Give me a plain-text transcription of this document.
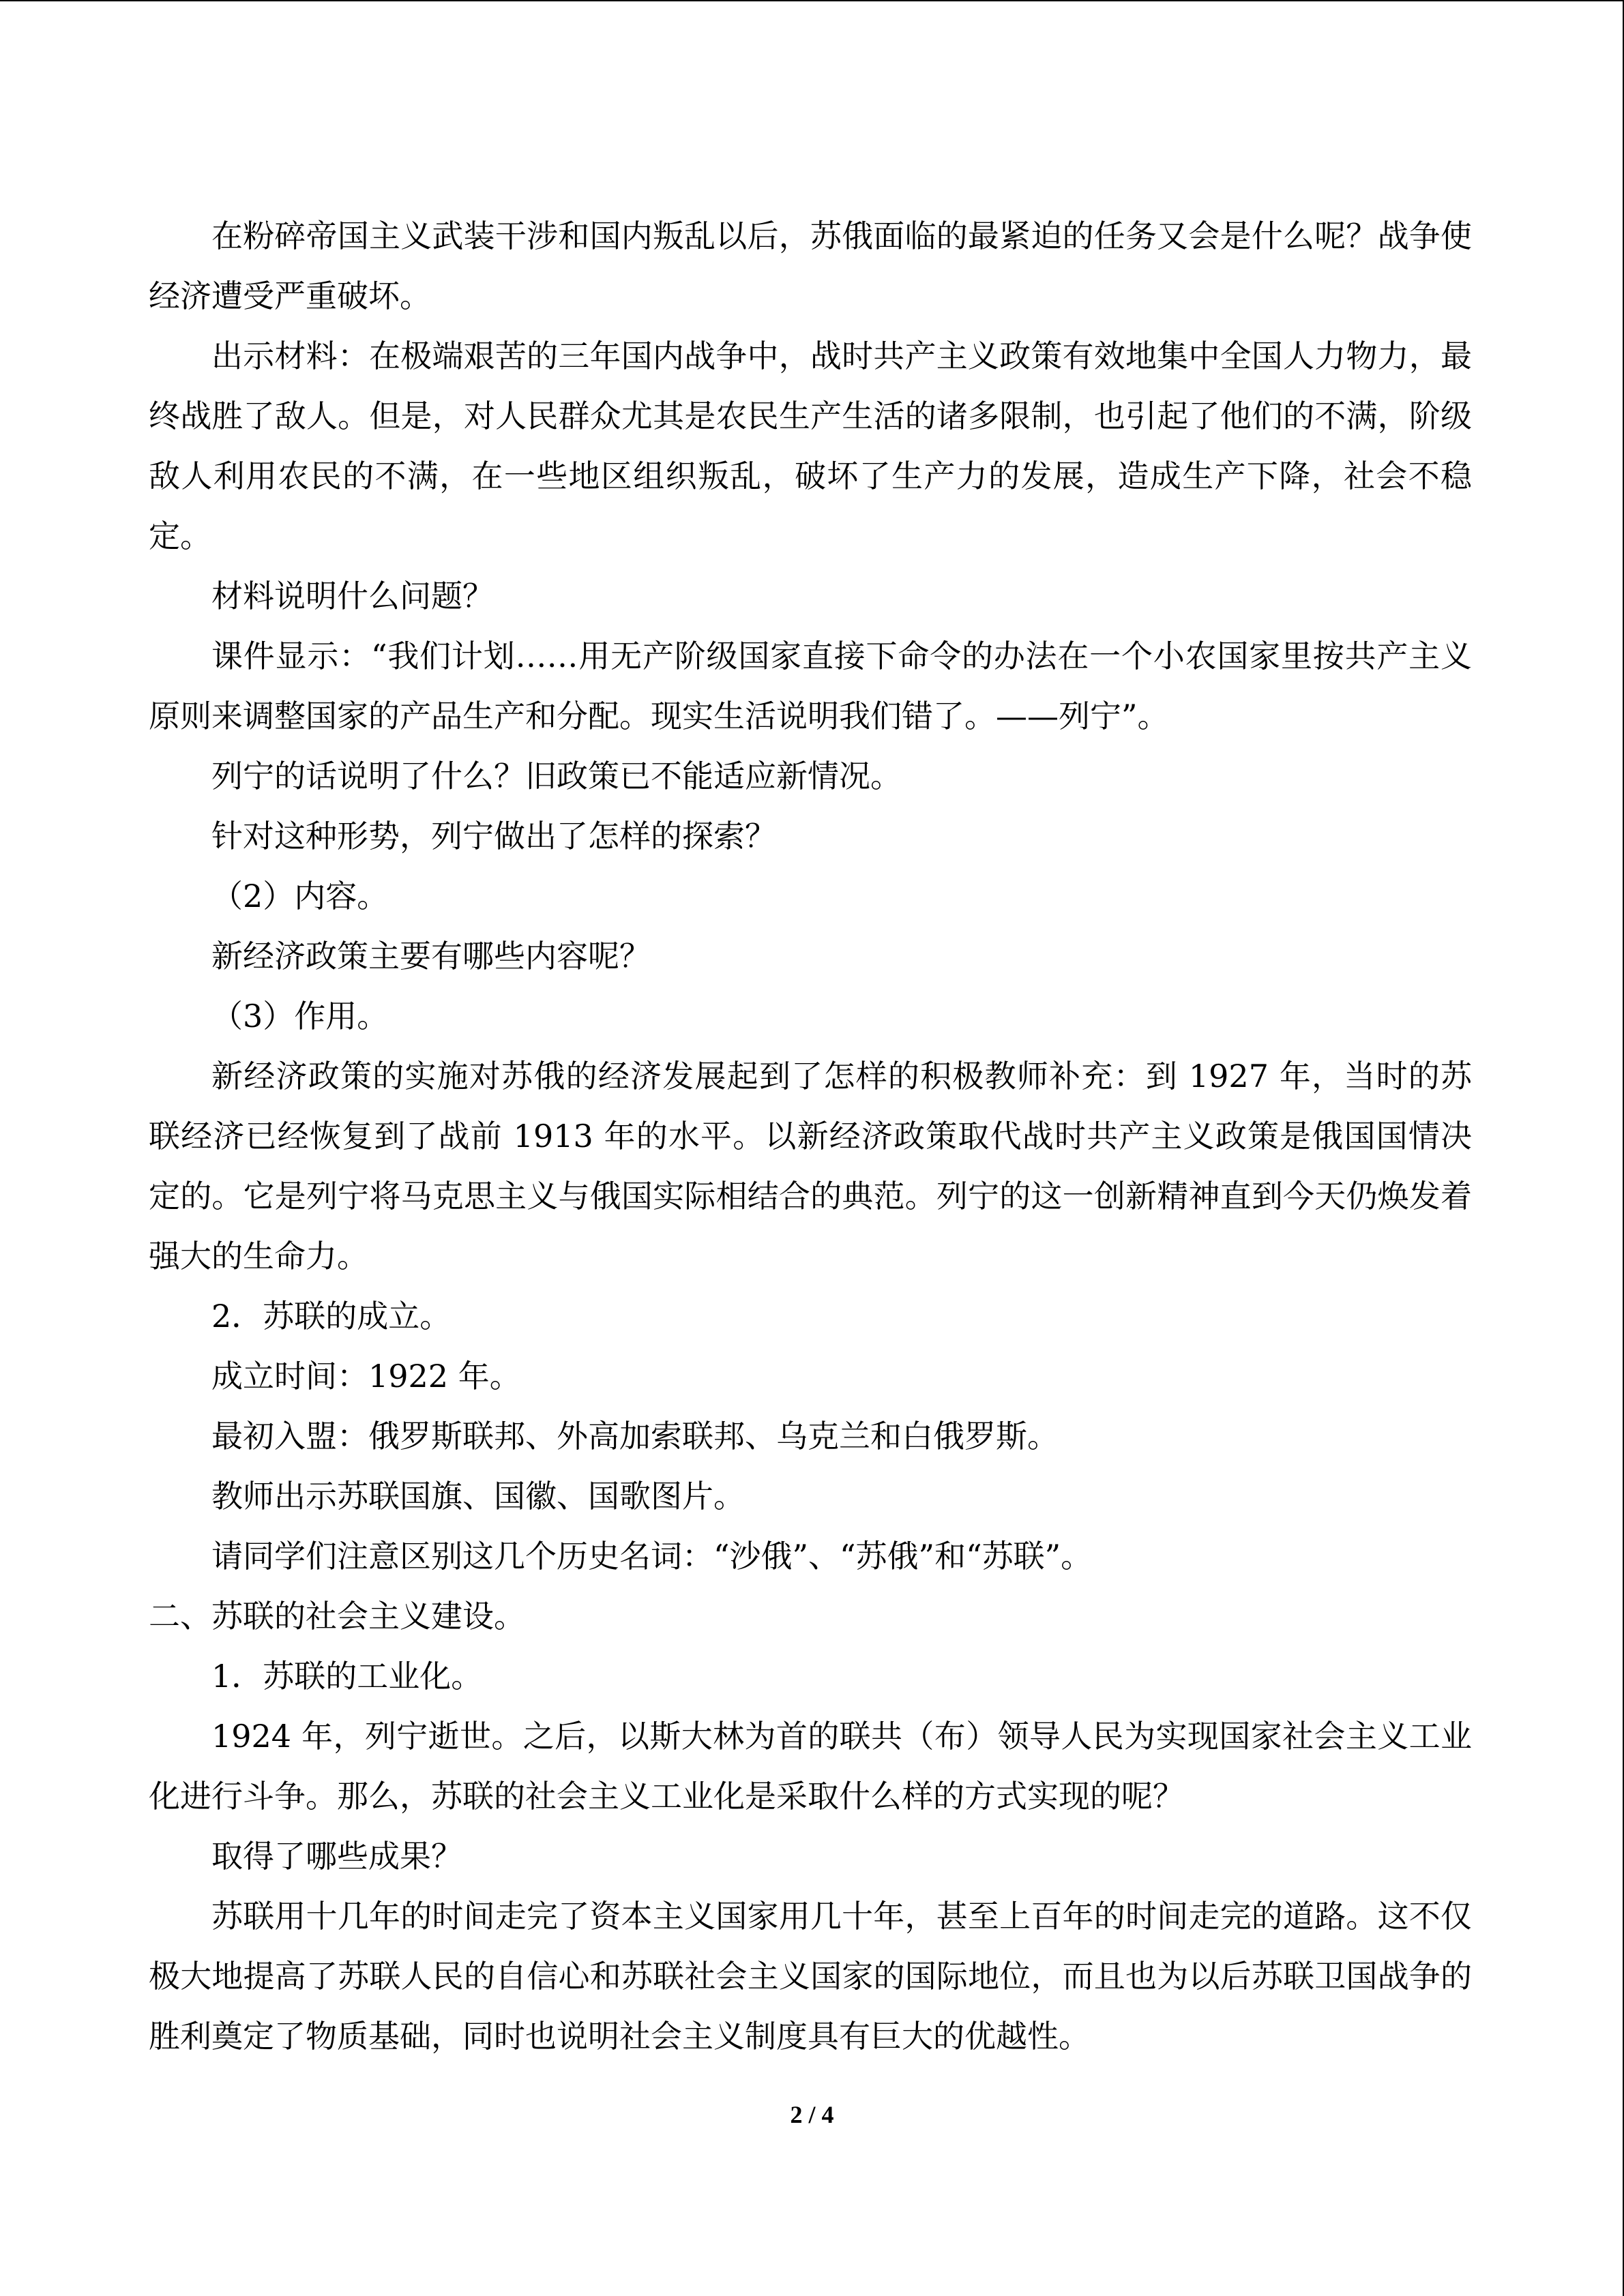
在粉碎帝国主义武装干涉和国内叛乱以后，苏俄面临的最紧迫的任务又会是什么呢？战争使经济遭受严重破坏。

出示材料：在极端艰苦的三年国内战争中，战时共产主义政策有效地集中全国人力物力，最终战胜了敌人。但是，对人民群众尤其是农民生产生活的诸多限制，也引起了他们的不满，阶级敌人利用农民的不满，在一些地区组织叛乱，破坏了生产力的发展，造成生产下降，社会不稳定。

材料说明什么问题？

课件显示：“我们计划……用无产阶级国家直接下命令的办法在一个小农国家里按共产主义原则来调整国家的产品生产和分配。现实生活说明我们错了。——列宁”。

列宁的话说明了什么？旧政策已不能适应新情况。

针对这种形势，列宁做出了怎样的探索？

（2）内容。

新经济政策主要有哪些内容呢？

（3）作用。

新经济政策的实施对苏俄的经济发展起到了怎样的积极教师补充：到 1927 年，当时的苏联经济已经恢复到了战前 1913 年的水平。以新经济政策取代战时共产主义政策是俄国国情决定的。它是列宁将马克思主义与俄国实际相结合的典范。列宁的这一创新精神直到今天仍焕发着强大的生命力。

2．苏联的成立。

成立时间：1922 年。

最初入盟：俄罗斯联邦、外高加索联邦、乌克兰和白俄罗斯。

教师出示苏联国旗、国徽、国歌图片。

请同学们注意区别这几个历史名词：“沙俄”、“苏俄”和“苏联”。

二、苏联的社会主义建设。

1．苏联的工业化。

1924 年，列宁逝世。之后，以斯大林为首的联共（布）领导人民为实现国家社会主义工业化进行斗争。那么，苏联的社会主义工业化是采取什么样的方式实现的呢？

取得了哪些成果？

苏联用十几年的时间走完了资本主义国家用几十年，甚至上百年的时间走完的道路。这不仅极大地提高了苏联人民的自信心和苏联社会主义国家的国际地位，而且也为以后苏联卫国战争的胜利奠定了物质基础，同时也说明社会主义制度具有巨大的优越性。

2 / 4
